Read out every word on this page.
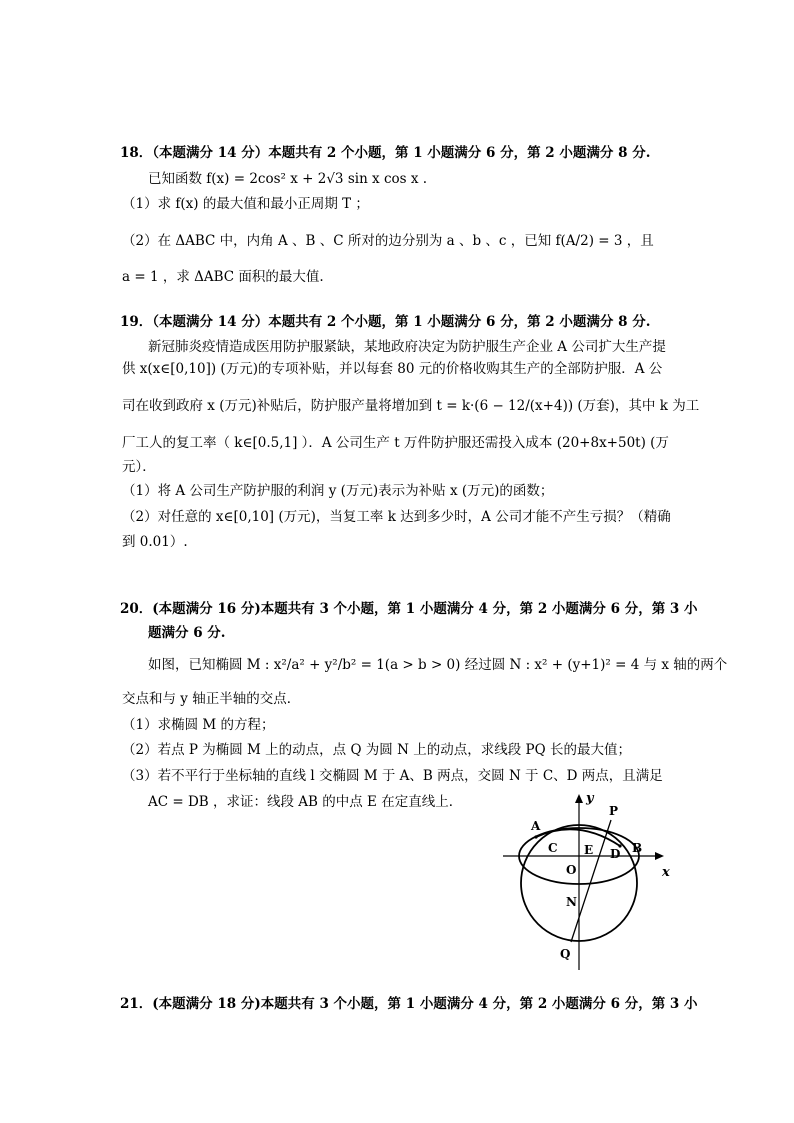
18．（本题满分 14 分）本题共有 2 个小题，第 1 小题满分 6 分，第 2 小题满分 8 分.
已知函数 f(x) = 2cos² x + 2√3 sin x cos x .
（1）求 f(x) 的最大值和最小正周期 T ；
（2）在 ΔABC 中，内角 A 、B 、C 所对的边分别为 a 、b 、c ，已知 f(A/2) = 3 ，且
a = 1 ，求 ΔABC 面积的最大值.
19．（本题满分 14 分）本题共有 2 个小题，第 1 小题满分 6 分，第 2 小题满分 8 分.
新冠肺炎疫情造成医用防护服紧缺，某地政府决定为防护服生产企业 A 公司扩大生产提
供 x(x∈[0,10]) (万元)的专项补贴，并以每套 80 元的价格收购其生产的全部防护服．A 公
司在收到政府 x (万元)补贴后，防护服产量将增加到 t = k·(6 − 12/(x+4)) (万套)，其中 k 为工
厂工人的复工率（ k∈[0.5,1] ）．A 公司生产 t 万件防护服还需投入成本 (20+8x+50t) (万
元）．
（1）将 A 公司生产防护服的利润 y (万元)表示为补贴 x (万元)的函数；
（2）对任意的 x∈[0,10] (万元)，当复工率 k 达到多少时，A 公司才能不产生亏损？（精确
到 0.01）.
20．(本题满分 16 分)本题共有 3 个小题，第 1 小题满分 4 分，第 2 小题满分 6 分，第 3 小
题满分 6 分.
如图，已知椭圆 M : x²/a² + y²/b² = 1(a > b > 0) 经过圆 N : x² + (y+1)² = 4 与 x 轴的两个
交点和与 y 轴正半轴的交点．
（1）求椭圆 M 的方程；
（2）若点 P 为椭圆 M 上的动点，点 Q 为圆 N 上的动点，求线段 PQ 长的最大值；
（3）若不平行于坐标轴的直线 l 交椭圆 M 于 A、B 两点，交圆 N 于 C、D 两点，且满足
AC = DB ，求证：线段 AB 的中点 E 在定直线上．
A
B
C	D
E
O
N
P
Q
x
y
21．(本题满分 18 分)本题共有 3 个小题，第 1 小题满分 4 分，第 2 小题满分 6 分，第 3 小
